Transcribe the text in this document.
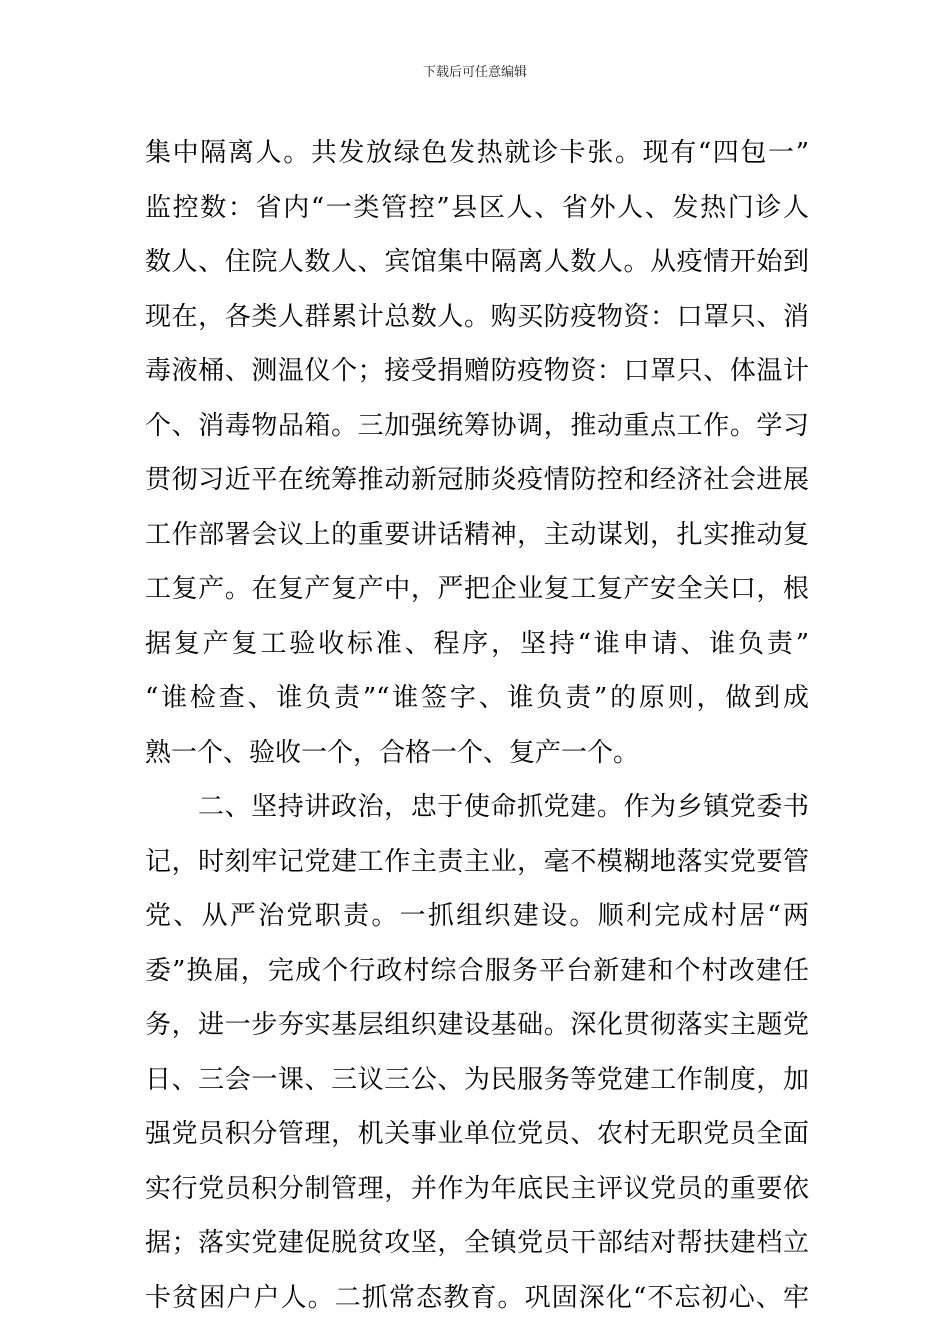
下载后可任意编辑
集中隔离人。共发放绿色发热就诊卡张。现有“四包一”
监控数：省内“一类管控”县区人、省外人、发热门诊人
数人、住院人数人、宾馆集中隔离人数人。从疫情开始到
现在，各类人群累计总数人。购买防疫物资：口罩只、消
毒液桶、测温仪个；接受捐赠防疫物资：口罩只、体温计
个、消毒物品箱。三加强统筹协调，推动重点工作。学习
贯彻习近平在统筹推动新冠肺炎疫情防控和经济社会进展
工作部署会议上的重要讲话精神，主动谋划，扎实推动复
工复产。在复产复产中，严把企业复工复产安全关口，根
据复产复工验收标准、程序，坚持“谁申请、谁负责”
“谁检查、谁负责”“谁签字、谁负责”的原则，做到成
熟一个、验收一个，合格一个、复产一个。
二、坚持讲政治，忠于使命抓党建。作为乡镇党委书
记，时刻牢记党建工作主责主业，毫不模糊地落实党要管
党、从严治党职责。一抓组织建设。顺利完成村居“两
委”换届，完成个行政村综合服务平台新建和个村改建任
务，进一步夯实基层组织建设基础。深化贯彻落实主题党
日、三会一课、三议三公、为民服务等党建工作制度，加
强党员积分管理，机关事业单位党员、农村无职党员全面
实行党员积分制管理，并作为年底民主评议党员的重要依
据；落实党建促脱贫攻坚，全镇党员干部结对帮扶建档立
卡贫困户户人。二抓常态教育。巩固深化“不忘初心、牢
